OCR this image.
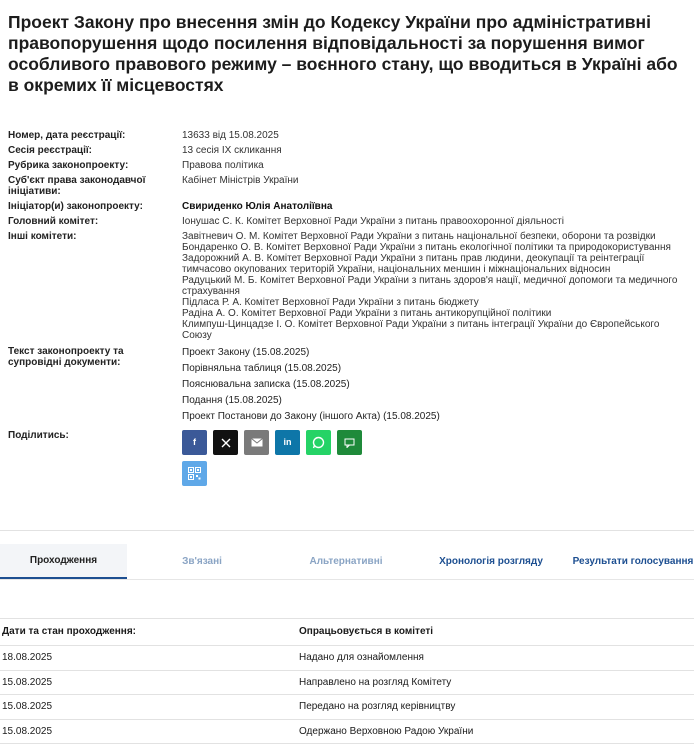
Проект Закону про внесення змін до Кодексу України про адміністративні правопорушення щодо посилення відповідальності за порушення вимог особливого правового режиму – воєнного стану, що вводиться в Україні або в окремих її місцевостях
Номер, дата реєстрації:	13633 від 15.08.2025
Сесія реєстрації:	13 сесія IX скликання
Рубрика законопроекту:	Правова політика
Суб'єкт права законодавчої ініціативи:
Кабінет Міністрів України
Ініціатор(и) законопроекту:	Свириденко Юлія Анатоліївна
Головний комітет:	Іонушас С. К. Комітет Верховної Ради України з питань правоохоронної діяльності
Інші комітети:	Завітневич О. М. Комітет Верховної Ради України з питань національної безпеки, оборони та розвідки

Бондаренко О. В. Комітет Верховної Ради України з питань екологічної політики та природокористування

Задорожний А. В. Комітет Верховної Ради України з питань прав людини, деокупації та реінтеграції тимчасово окупованих територій України, національних меншин і міжнаціональних відносин

Радуцький М. Б. Комітет Верховної Ради України з питань здоров'я нації, медичної допомоги та медичного страхування

Підласа Р. А. Комітет Верховної Ради України з питань бюджету

Радіна А. О. Комітет Верховної Ради України з питань антикорупційної політики

Климпуш-Цинцадзе І. О. Комітет Верховної Ради України з питань інтеграції України до Європейського Союзу

Текст законопроекту та супровідні документи:
Проект Закону (15.08.2025)
Порівняльна таблиця (15.08.2025)
Пояснювальна записка (15.08.2025)
Подання (15.08.2025)
Проект Постанови до Закону (іншого Акта) (15.08.2025)
Поділитись:
f	in
Проходження	Зв'язані	Альтернативні	Хронологія розгляду	Результати голосування
Дати та стан проходження:	Опрацьовується в комітеті
18.08.2025	Надано для ознайомлення
15.08.2025	Направлено на розгляд Комітету
15.08.2025	Передано на розгляд керівництву
15.08.2025	Одержано Верховною Радою України
